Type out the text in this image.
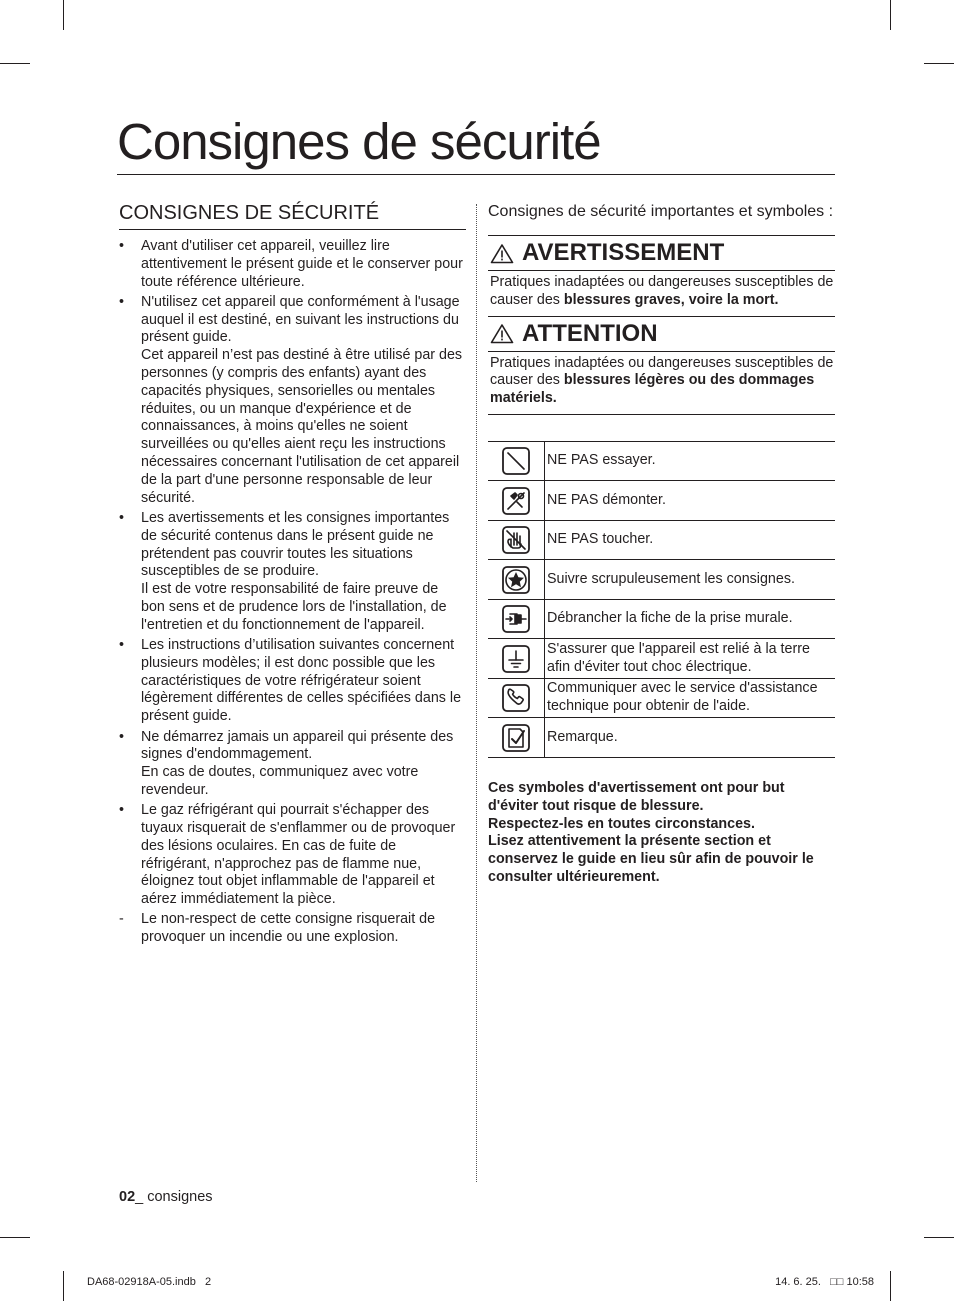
Consignes de sécurité
CONSIGNES DE SÉCURITÉ
• Avant d'utiliser cet appareil, veuillez lire attentivement le présent guide et le conserver pour toute référence ultérieure.

• N'utilisez cet appareil que conformément à l'usage auquel il est destiné, en suivant les instructions du présent guide.

Cet appareil n’est pas destiné à être utilisé par des personnes (y compris des enfants) ayant des capacités physiques, sensorielles ou mentales réduites, ou un manque d'expérience et de connaissances, à moins qu'elles ne soient surveillées ou qu'elles aient reçu les instructions nécessaires concernant l'utilisation de cet appareil de la part d'une personne responsable de leur sécurité.

• Les avertissements et les consignes importantes de sécurité contenus dans le présent guide ne prétendent pas couvrir toutes les situations susceptibles de se produire.

Il est de votre responsabilité de faire preuve de bon sens et de prudence lors de l'installation, de l'entretien et du fonctionnement de l'appareil.

• Les instructions d’utilisation suivantes concernent plusieurs modèles; il est donc possible que les caractéristiques de votre réfrigérateur soient légèrement différentes de celles spécifiées dans le présent guide.

• Ne démarrez jamais un appareil qui présente des signes d'endommagement.

En cas de doutes, communiquez avec votre revendeur.

• Le gaz réfrigérant qui pourrait s'échapper des tuyaux risquerait de s'enflammer ou de provoquer des lésions oculaires. En cas de fuite de réfrigérant, n'approchez pas de flamme nue, éloignez tout objet inflammable de l'appareil et aérez immédiatement la pièce.

- Le non-respect de cette consigne risquerait de provoquer un incendie ou une explosion.

Consignes de sécurité importantes et symboles :

AVERTISSEMENT
Pratiques inadaptées ou dangereuses susceptibles de causer des blessures graves, voire la mort.
ATTENTION
Pratiques inadaptées ou dangereuses susceptibles de causer des blessures légères ou des dommages matériels.
NE PAS essayer.
NE PAS démonter.
NE PAS toucher.
Suivre scrupuleusement les consignes.
Débrancher la fiche de la prise murale.
S'assurer que l'appareil est relié à la terre afin d'éviter tout choc électrique.
Communiquer avec le service d'assistance technique pour obtenir de l'aide.
Remarque.

Ces symboles d'avertissement ont pour but d'éviter tout risque de blessure.

Respectez-les en toutes circonstances.

Lisez attentivement la présente section et conservez le guide en lieu sûr afin de pouvoir le consulter ultérieurement.

02_ consignes
DA68-02918A-05.indb   2	14. 6. 25.   □□ 10:58
